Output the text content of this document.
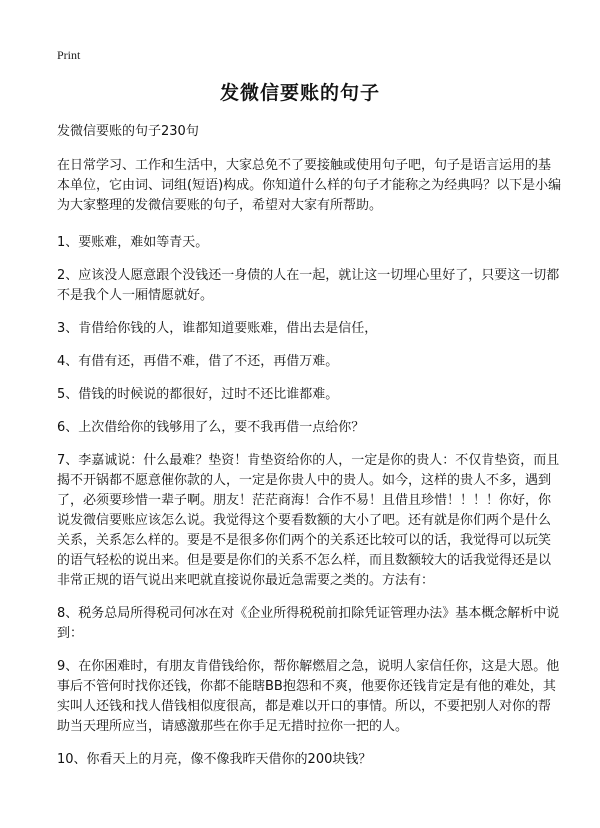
Print
发微信要账的句子

发微信要账的句子230句

在日常学习、工作和生活中，大家总免不了要接触或使用句子吧，句子是语言运用的基本单位，它由词、词组(短语)构成。你知道什么样的句子才能称之为经典吗？以下是小编为大家整理的发微信要账的句子，希望对大家有所帮助。

1、要账难，难如等青天。

2、应该没人愿意跟个没钱还一身债的人在一起，就让这一切埋心里好了，只要这一切都不是我个人一厢情愿就好。

3、肯借给你钱的人，谁都知道要账难，借出去是信任，

4、有借有还，再借不难，借了不还，再借万难。

5、借钱的时候说的都很好，过时不还比谁都难。

6、上次借给你的钱够用了么，要不我再借一点给你？

7、李嘉诚说：什么最难？垫资！肯垫资给你的人，一定是你的贵人：不仅肯垫资，而且揭不开锅都不愿意催你款的人，一定是你贵人中的贵人。如今，这样的贵人不多，遇到了，必须要珍惜一辈子啊。朋友！茫茫商海！合作不易！且借且珍惜！！！！你好，你说发微信要账应该怎么说。我觉得这个要看数额的大小了吧。还有就是你们两个是什么关系，关系怎么样的。要是不是很多你们两个的关系还比较可以的话，我觉得可以玩笑的语气轻松的说出来。但是要是你们的关系不怎么样，而且数额较大的话我觉得还是以非常正规的语气说出来吧就直接说你最近急需要之类的。方法有：

8、税务总局所得税司何冰在对《企业所得税税前扣除凭证管理办法》基本概念解析中说到：

9、在你困难时，有朋友肯借钱给你，帮你解燃眉之急，说明人家信任你，这是大恩。他事后不管何时找你还钱，你都不能瞎BB抱怨和不爽，他要你还钱肯定是有他的难处，其实叫人还钱和找人借钱相似度很高，都是难以开口的事情。所以，不要把别人对你的帮助当天理所应当，请感激那些在你手足无措时拉你一把的人。

10、你看天上的月亮，像不像我昨天借你的200块钱？
